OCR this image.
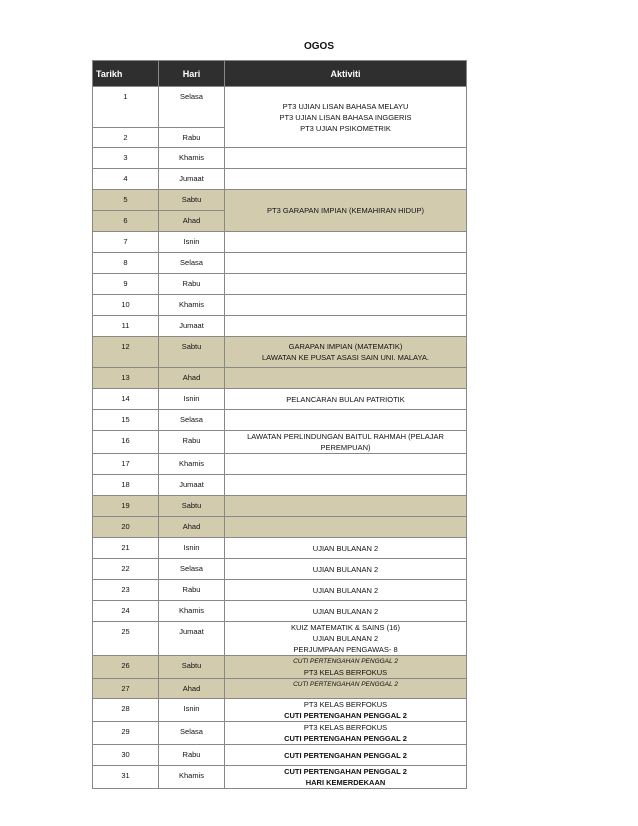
OGOS
Tarikh	Hari	Aktiviti
1	Selasa	PT3 UJIAN LISAN BAHASA MELAYU
PT3 UJIAN LISAN BAHASA INGGERIS
PT3 UJIAN PSIKOMETRIK

2	Rabu	
3	Khamis	
4	Jumaat	
5	Sabtu	PT3 GARAPAN IMPIAN (KEMAHIRAN HIDUP)

6	Ahad	
7	Isnin	
8	Selasa	
9	Rabu	
10	Khamis	
11	Jumaat	
12	Sabtu	GARAPAN IMPIAN (MATEMATIK)
LAWATAN KE PUSAT ASASI SAIN UNI. MALAYA.

13	Ahad	
14	Isnin	PELANCARAN BULAN PATRIOTIK

15	Selasa	
16	Rabu	LAWATAN PERLINDUNGAN BAITUL RAHMAH (PELAJAR
PEREMPUAN)

17	Khamis	
18	Jumaat	
19	Sabtu	
20	Ahad	
21	Isnin	UJIAN BULANAN 2

22	Selasa	UJIAN BULANAN 2

23	Rabu	UJIAN BULANAN 2

24	Khamis	UJIAN BULANAN 2

25	Jumaat	KUIZ MATEMATIK & SAINS (16)
UJIAN BULANAN 2
PERJUMPAAN PENGAWAS- 8

26	Sabtu	CUTI PERTENGAHAN PENGGAL 2
PT3 KELAS BERFOKUS

27	Ahad	CUTI PERTENGAHAN PENGGAL 2

28	Isnin	PT3 KELAS BERFOKUS
CUTI PERTENGAHAN PENGGAL 2

29	Selasa	PT3 KELAS BERFOKUS
CUTI PERTENGAHAN PENGGAL 2

30	Rabu	CUTI PERTENGAHAN PENGGAL 2

31	Khamis	CUTI PERTENGAHAN PENGGAL 2
HARI KEMERDEKAAN
